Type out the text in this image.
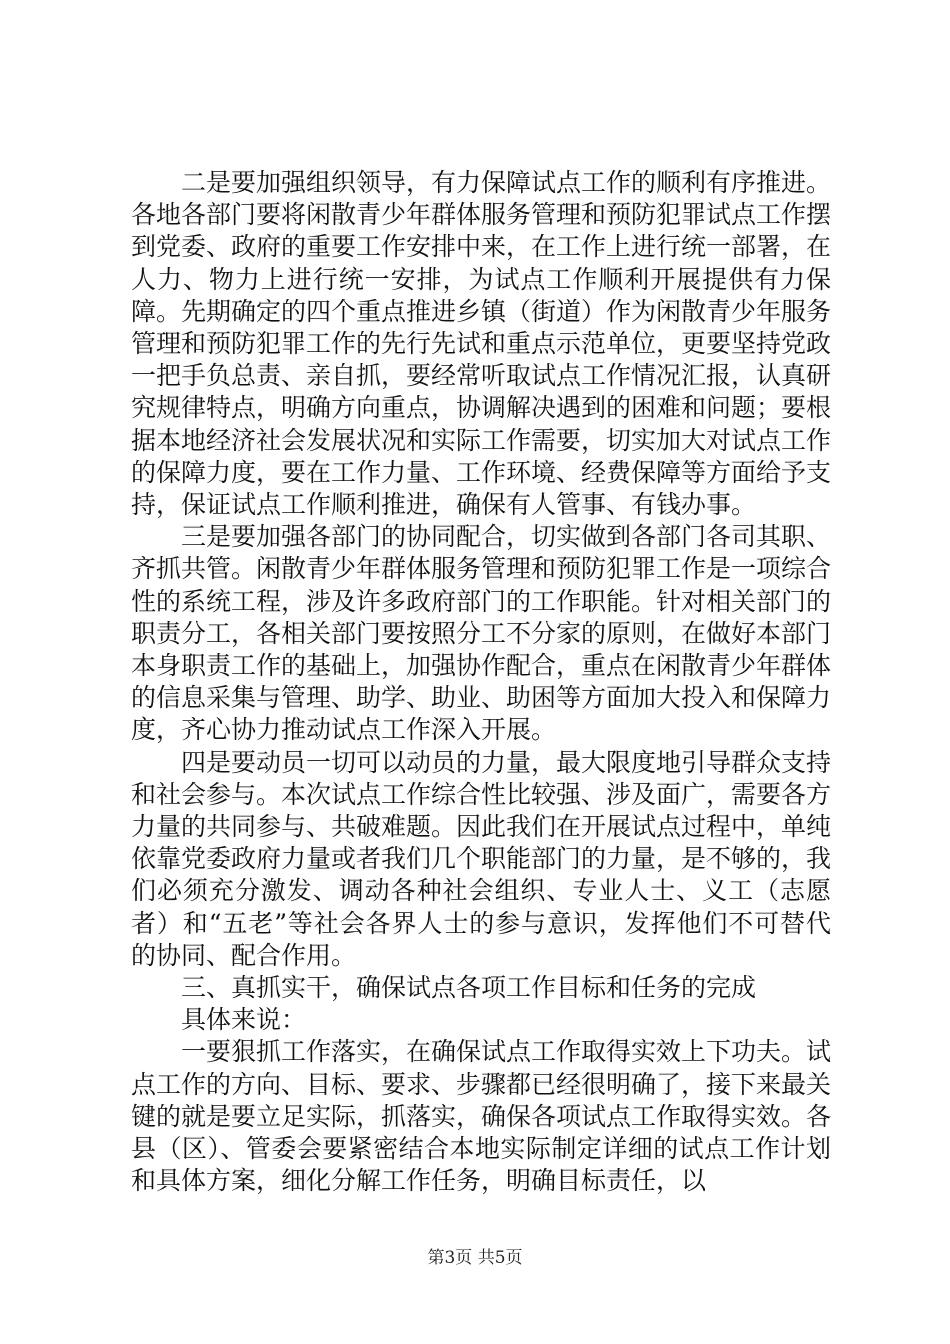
二是要加强组织领导，有力保障试点工作的顺利有序推进。各地各部门要将闲散青少年群体服务管理和预防犯罪试点工作摆到党委、政府的重要工作安排中来，在工作上进行统一部署，在人力、物力上进行统一安排，为试点工作顺利开展提供有力保障。先期确定的四个重点推进乡镇（街道）作为闲散青少年服务管理和预防犯罪工作的先行先试和重点示范单位，更要坚持党政一把手负总责、亲自抓，要经常听取试点工作情况汇报，认真研究规律特点，明确方向重点，协调解决遇到的困难和问题；要根据本地经济社会发展状况和实际工作需要，切实加大对试点工作的保障力度，要在工作力量、工作环境、经费保障等方面给予支持，保证试点工作顺利推进，确保有人管事、有钱办事。

三是要加强各部门的协同配合，切实做到各部门各司其职、齐抓共管。闲散青少年群体服务管理和预防犯罪工作是一项综合性的系统工程，涉及许多政府部门的工作职能。针对相关部门的职责分工，各相关部门要按照分工不分家的原则，在做好本部门本身职责工作的基础上，加强协作配合，重点在闲散青少年群体的信息采集与管理、助学、助业、助困等方面加大投入和保障力度，齐心协力推动试点工作深入开展。

四是要动员一切可以动员的力量，最大限度地引导群众支持和社会参与。本次试点工作综合性比较强、涉及面广，需要各方力量的共同参与、共破难题。因此我们在开展试点过程中，单纯依靠党委政府力量或者我们几个职能部门的力量，是不够的，我们必须充分激发、调动各种社会组织、专业人士、义工（志愿者）和“五老”等社会各界人士的参与意识，发挥他们不可替代的协同、配合作用。

三、真抓实干，确保试点各项工作目标和任务的完成

具体来说：

一要狠抓工作落实，在确保试点工作取得实效上下功夫。试点工作的方向、目标、要求、步骤都已经很明确了，接下来最关键的就是要立足实际，抓落实，确保各项试点工作取得实效。各县（区）、管委会要紧密结合本地实际制定详细的试点工作计划和具体方案，细化分解工作任务，明确目标责任，以

第3页 共5页
